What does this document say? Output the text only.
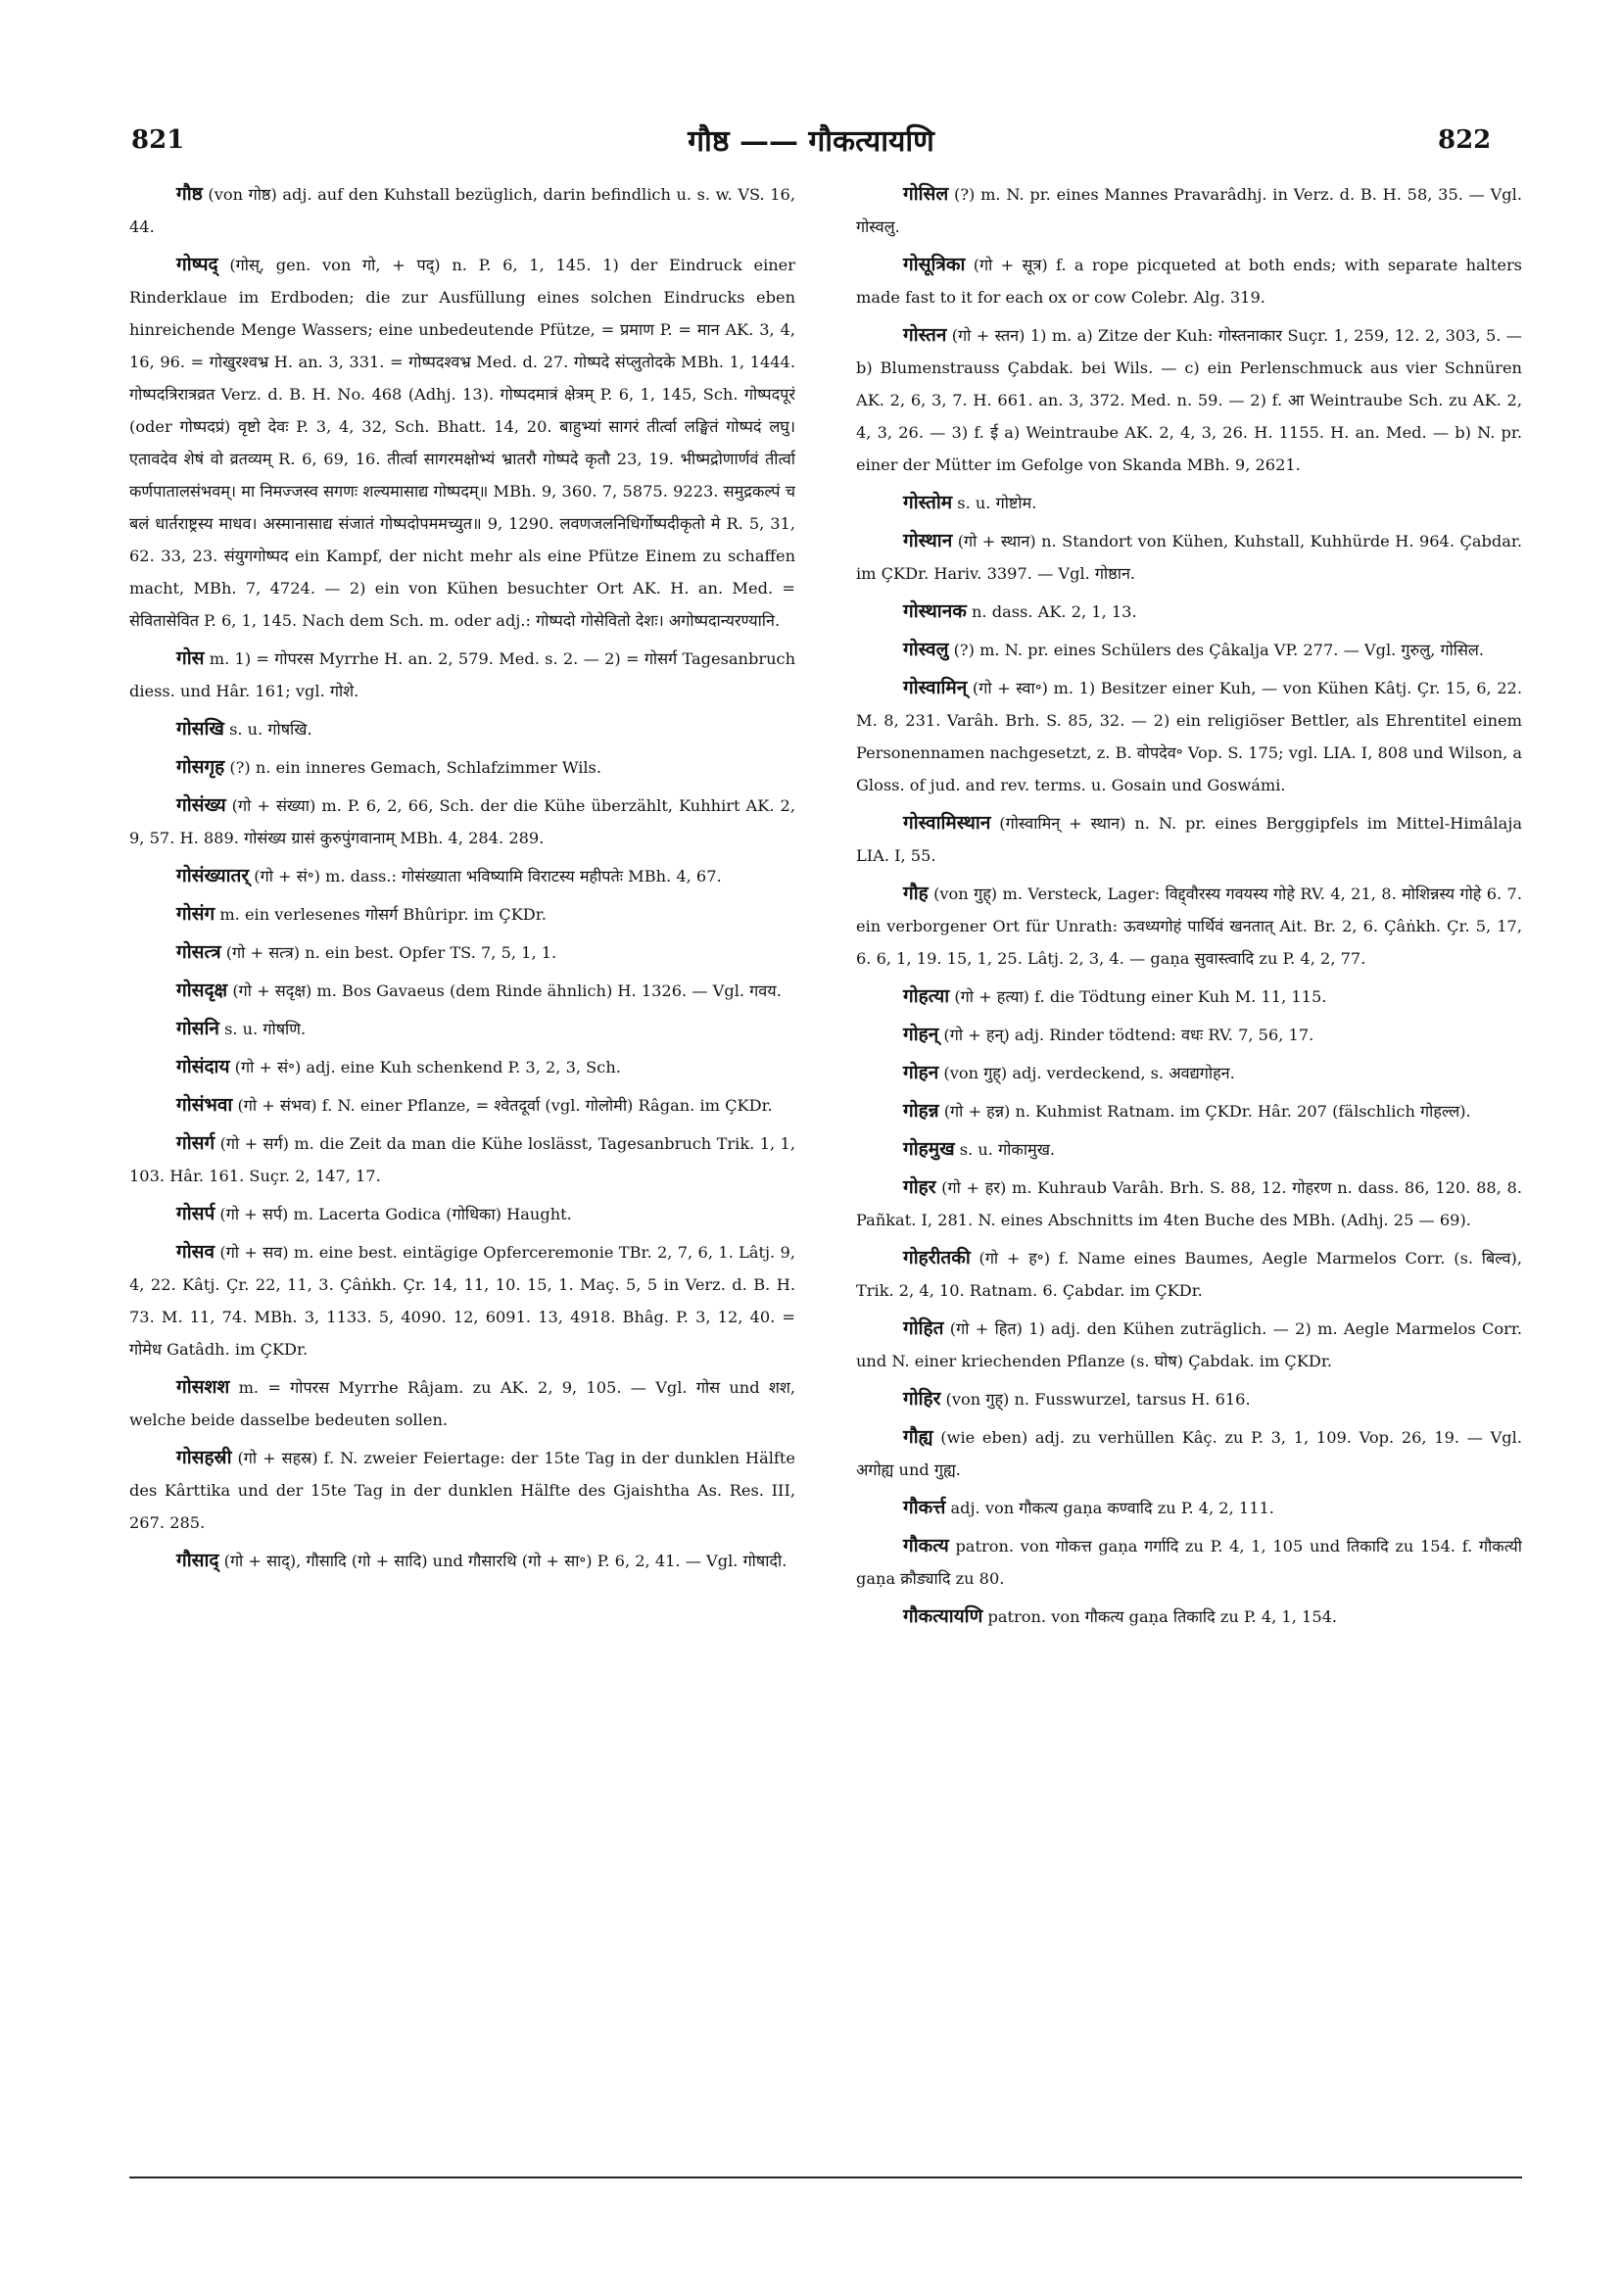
821	गौष्ठ —— गौकत्यायणि	822

गौष्ठ (von गोष्ठ) adj. auf den Kuhstall bezüglich, darin befindlich u. s. w. VS. 16, 44.

गोष्पद् (गोस्, gen. von गो, + पद्) n. P. 6, 1, 145. 1) der Eindruck einer Rinderklaue im Erdboden; die zur Ausfüllung eines solchen Eindrucks eben hinreichende Menge Wassers; eine unbedeutende Pfütze, = प्रमाण P. = मान AK. 3, 4, 16, 96. = गोखुरश्वभ्र H. an. 3, 331. = गोष्पदश्वभ्र Med. d. 27. गोष्पदे संप्लुतोदके MBh. 1, 1444. गोष्पदत्रिरात्रव्रत Verz. d. B. H. No. 468 (Adhj. 13). गोष्पदमात्रं क्षेत्रम् P. 6, 1, 145, Sch. गोष्पदपूरं (oder गोष्पदप्रं) वृष्टो देवः P. 3, 4, 32, Sch. Bhatt. 14, 20. बाहुभ्यां सागरं तीर्त्वा लङ्घितं गोष्पदं लघु। एतावदेव शेषं वो व्रतव्यम् R. 6, 69, 16. तीर्त्वा सागरमक्षोभ्यं भ्रातरौ गोष्पदे कृतौ 23, 19. भीष्मद्रोणार्णवं तीर्त्वा कर्णपातालसंभवम्। मा निमज्जस्व सगणः शल्यमासाद्य गोष्पदम्॥ MBh. 9, 360. 7, 5875. 9223. समुद्रकल्पं च बलं धार्तराष्ट्रस्य माधव। अस्मानासाद्य संजातं गोष्पदोपममच्युत॥ 9, 1290. लवणजलनिधिर्गोष्पदीकृतो मे R. 5, 31, 62. 33, 23. संयुगगोष्पद ein Kampf, der nicht mehr als eine Pfütze Einem zu schaffen macht, MBh. 7, 4724. — 2) ein von Kühen besuchter Ort AK. H. an. Med. = सेवितासेवित P. 6, 1, 145. Nach dem Sch. m. oder adj.: गोष्पदो गोसेवितो देशः। अगोष्पदान्यरण्यानि.

गोस m. 1) = गोपरस Myrrhe H. an. 2, 579. Med. s. 2. — 2) = गोसर्ग Tagesanbruch diess. und Hâr. 161; vgl. गोशे.

गोसखि s. u. गोषखि.

गोसगृह (?) n. ein inneres Gemach, Schlafzimmer Wils.

गोसंख्य (गो + संख्या) m. P. 6, 2, 66, Sch. der die Kühe überzählt, Kuhhirt AK. 2, 9, 57. H. 889. गोसंख्य ग्रासं कुरुपुंगवानाम् MBh. 4, 284. 289.

गोसंख्यातर् (गो + सं॰) m. dass.: गोसंख्याता भविष्यामि विराटस्य महीपतेः MBh. 4, 67.

गोसंग m. ein verlesenes गोसर्ग Bhûripr. im ÇKDr.

गोसत्त्र (गो + सत्त्र) n. ein best. Opfer TS. 7, 5, 1, 1.

गोसदृक्ष (गो + सदृक्ष) m. Bos Gavaeus (dem Rinde ähnlich) H. 1326. — Vgl. गवय.

गोसनि s. u. गोषणि.

गोसंदाय (गो + सं॰) adj. eine Kuh schenkend P. 3, 2, 3, Sch.

गोसंभवा (गो + संभव) f. N. einer Pflanze, = श्वेतदूर्वा (vgl. गोलोमी) Râgan. im ÇKDr.

गोसर्ग (गो + सर्ग) m. die Zeit da man die Kühe loslässt, Tagesanbruch Trik. 1, 1, 103. Hâr. 161. Suçr. 2, 147, 17.

गोसर्प (गो + सर्प) m. Lacerta Godica (गोधिका) Haught.

गोसव (गो + सव) m. eine best. eintägige Opferceremonie TBr. 2, 7, 6, 1. Lâtj. 9, 4, 22. Kâtj. Çr. 22, 11, 3. Çâṅkh. Çr. 14, 11, 10. 15, 1. Maç. 5, 5 in Verz. d. B. H. 73. M. 11, 74. MBh. 3, 1133. 5, 4090. 12, 6091. 13, 4918. Bhâg. P. 3, 12, 40. = गोमेध Gatâdh. im ÇKDr.

गोसशश m. = गोपरस Myrrhe Râjam. zu AK. 2, 9, 105. — Vgl. गोस und शश, welche beide dasselbe bedeuten sollen.

गोसहस्री (गो + सहस्र) f. N. zweier Feiertage: der 15te Tag in der dunklen Hälfte des Kârttika und der 15te Tag in der dunklen Hälfte des Gjaishtha As. Res. III, 267. 285.

गौसाद् (गो + साद्), गौसादि (गो + सादि) und गौसारथि (गो + सा॰) P. 6, 2, 41. — Vgl. गोषादी.

गोसिल (?) m. N. pr. eines Mannes Pravarâdhj. in Verz. d. B. H. 58, 35. — Vgl. गोस्वलु.

गोसूत्रिका (गो + सूत्र) f. a rope picqueted at both ends; with separate halters made fast to it for each ox or cow Colebr. Alg. 319.

गोस्तन (गो + स्तन) 1) m. a) Zitze der Kuh: गोस्तनाकार Suçr. 1, 259, 12. 2, 303, 5. — b) Blumenstrauss Çabdak. bei Wils. — c) ein Perlenschmuck aus vier Schnüren AK. 2, 6, 3, 7. H. 661. an. 3, 372. Med. n. 59. — 2) f. आ Weintraube Sch. zu AK. 2, 4, 3, 26. — 3) f. ई a) Weintraube AK. 2, 4, 3, 26. H. 1155. H. an. Med. — b) N. pr. einer der Mütter im Gefolge von Skanda MBh. 9, 2621.

गोस्तोम s. u. गोष्टोम.

गोस्थान (गो + स्थान) n. Standort von Kühen, Kuhstall, Kuhhürde H. 964. Çabdar. im ÇKDr. Hariv. 3397. — Vgl. गोष्ठान.

गोस्थानक n. dass. AK. 2, 1, 13.

गोस्वलु (?) m. N. pr. eines Schülers des Çâkalja VP. 277. — Vgl. गुरुलु, गोसिल.

गोस्वामिन् (गो + स्वा॰) m. 1) Besitzer einer Kuh, — von Kühen Kâtj. Çr. 15, 6, 22. M. 8, 231. Varâh. Brh. S. 85, 32. — 2) ein religiöser Bettler, als Ehrentitel einem Personennamen nachgesetzt, z. B. वोपदेव॰ Vop. S. 175; vgl. LIA. I, 808 und Wilson, a Gloss. of jud. and rev. terms. u. Gosain und Goswámi.

गोस्वामिस्थान (गोस्वामिन् + स्थान) n. N. pr. eines Berggipfels im Mittel-Himâlaja LIA. I, 55.

गौह (von गुह्) m. Versteck, Lager: विद्द्वौरस्य गवयस्य गोहे RV. 4, 21, 8. मोशिन्नस्य गोहे 6. 7. ein verborgener Ort für Unrath: ऊवध्यगोहं पार्थिवं खनतात् Ait. Br. 2, 6. Çâṅkh. Çr. 5, 17, 6. 6, 1, 19. 15, 1, 25. Lâtj. 2, 3, 4. — gaṇa सुवास्त्वादि zu P. 4, 2, 77.

गोहत्या (गो + हत्या) f. die Tödtung einer Kuh M. 11, 115.

गोहन् (गो + हन्) adj. Rinder tödtend: वधः RV. 7, 56, 17.

गोहन (von गुह्) adj. verdeckend, s. अवद्यगोहन.

गोहन्न (गो + हन्न) n. Kuhmist Ratnam. im ÇKDr. Hâr. 207 (fälschlich गोहल्ल).

गोहमुख s. u. गोकामुख.

गोहर (गो + हर) m. Kuhraub Varâh. Brh. S. 88, 12. गोहरण n. dass. 86, 120. 88, 8. Pañkat. I, 281. N. eines Abschnitts im 4ten Buche des MBh. (Adhj. 25 — 69).

गोहरीतकी (गो + ह॰) f. Name eines Baumes, Aegle Marmelos Corr. (s. बिल्व), Trik. 2, 4, 10. Ratnam. 6. Çabdar. im ÇKDr.

गोहित (गो + हित) 1) adj. den Kühen zuträglich. — 2) m. Aegle Marmelos Corr. und N. einer kriechenden Pflanze (s. घोष) Çabdak. im ÇKDr.

गोहिर (von गुह्) n. Fusswurzel, tarsus H. 616.

गौह्य (wie eben) adj. zu verhüllen Kâç. zu P. 3, 1, 109. Vop. 26, 19. — Vgl. अगोह्य und गुह्य.

गौकर्त्त adj. von गौकत्य gaṇa कण्वादि zu P. 4, 2, 111.

गौकत्य patron. von गोकत्त gaṇa गर्गादि zu P. 4, 1, 105 und तिकादि zu 154. f. गौकत्यी gaṇa क्रौड्यादि zu 80.

गौकत्यायणि patron. von गौकत्य gaṇa तिकादि zu P. 4, 1, 154.
